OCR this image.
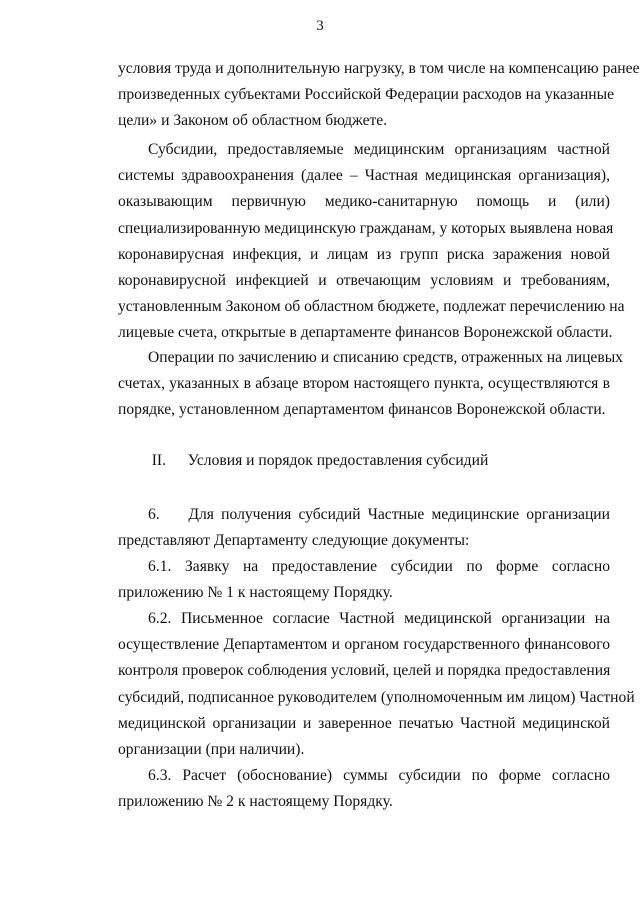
3
условия труда и дополнительную нагрузку, в том числе на компенсацию ранее
произведенных субъектами Российской Федерации расходов на указанные
цели» и Законом об областном бюджете.
Субсидии, предоставляемые медицинским организациям частной
системы здравоохранения (далее – Частная медицинская организация),
оказывающим первичную медико-санитарную помощь и (или)
специализированную медицинскую гражданам, у которых выявлена новая
коронавирусная инфекция, и лицам из групп риска заражения новой
коронавирусной инфекцией и отвечающим условиям и требованиям,
установленным Законом об областном бюджете, подлежат перечислению на
лицевые счета, открытые в департаменте финансов Воронежской области.
Операции по зачислению и списанию средств, отраженных на лицевых
счетах, указанных в абзаце втором настоящего пункта, осуществляются в
порядке, установленном департаментом финансов Воронежской области.
II. Условия и порядок предоставления субсидий
6.    Для получения субсидий Частные медицинские организации
представляют Департаменту следующие документы:
6.1. Заявку на предоставление субсидии по форме согласно
приложению № 1 к настоящему Порядку.
6.2. Письменное согласие Частной медицинской организации на
осуществление Департаментом и органом государственного финансового
контроля проверок соблюдения условий, целей и порядка предоставления
субсидий, подписанное руководителем (уполномоченным им лицом) Частной
медицинской организации и заверенное печатью Частной медицинской
организации (при наличии).
6.3. Расчет (обоснование) суммы субсидии по форме согласно
приложению № 2 к настоящему Порядку.
